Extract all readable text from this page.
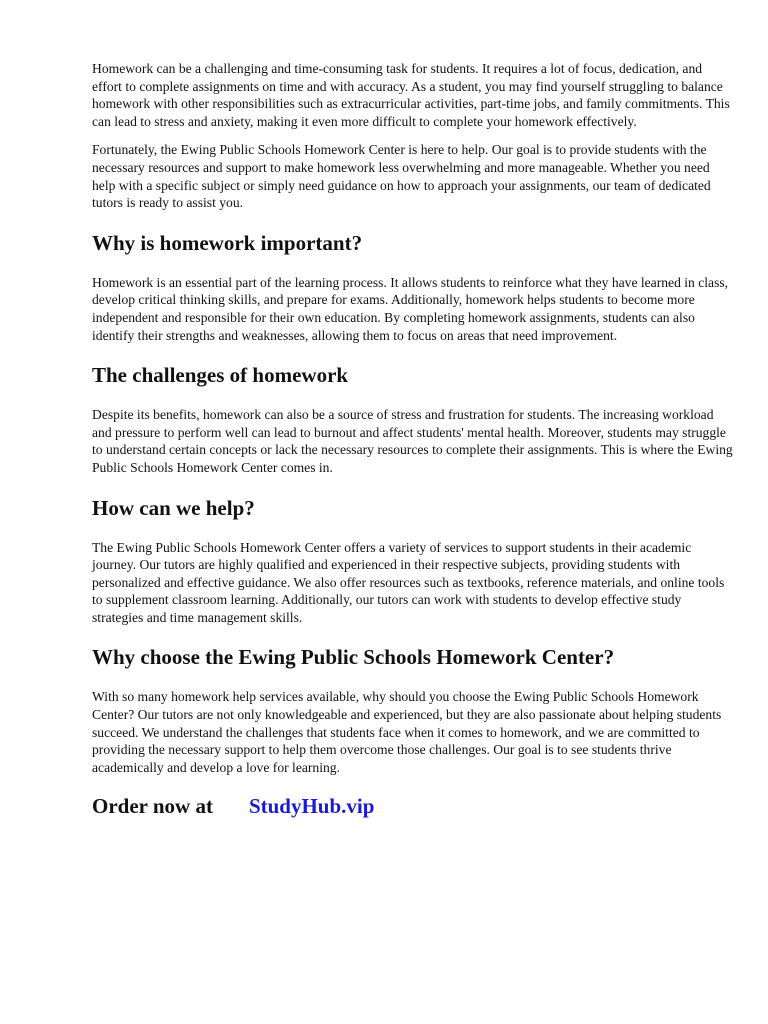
Homework can be a challenging and time-consuming task for students. It requires a lot of focus, dedication, and effort to complete assignments on time and with accuracy. As a student, you may find yourself struggling to balance homework with other responsibilities such as extracurricular activities, part-time jobs, and family commitments. This can lead to stress and anxiety, making it even more difficult to complete your homework effectively.

Fortunately, the Ewing Public Schools Homework Center is here to help. Our goal is to provide students with the necessary resources and support to make homework less overwhelming and more manageable. Whether you need help with a specific subject or simply need guidance on how to approach your assignments, our team of dedicated tutors is ready to assist you.

Why is homework important?

Homework is an essential part of the learning process. It allows students to reinforce what they have learned in class, develop critical thinking skills, and prepare for exams. Additionally, homework helps students to become more independent and responsible for their own education. By completing homework assignments, students can also identify their strengths and weaknesses, allowing them to focus on areas that need improvement.

The challenges of homework

Despite its benefits, homework can also be a source of stress and frustration for students. The increasing workload and pressure to perform well can lead to burnout and affect students' mental health. Moreover, students may struggle to understand certain concepts or lack the necessary resources to complete their assignments. This is where the Ewing Public Schools Homework Center comes in.

How can we help?

The Ewing Public Schools Homework Center offers a variety of services to support students in their academic journey. Our tutors are highly qualified and experienced in their respective subjects, providing students with personalized and effective guidance. We also offer resources such as textbooks, reference materials, and online tools to supplement classroom learning. Additionally, our tutors can work with students to develop effective study strategies and time management skills.

Why choose the Ewing Public Schools Homework Center?

With so many homework help services available, why should you choose the Ewing Public Schools Homework Center? Our tutors are not only knowledgeable and experienced, but they are also passionate about helping students succeed. We understand the challenges that students face when it comes to homework, and we are committed to providing the necessary support to help them overcome those challenges. Our goal is to see students thrive academically and develop a love for learning.

Order now at StudyHub.vip
